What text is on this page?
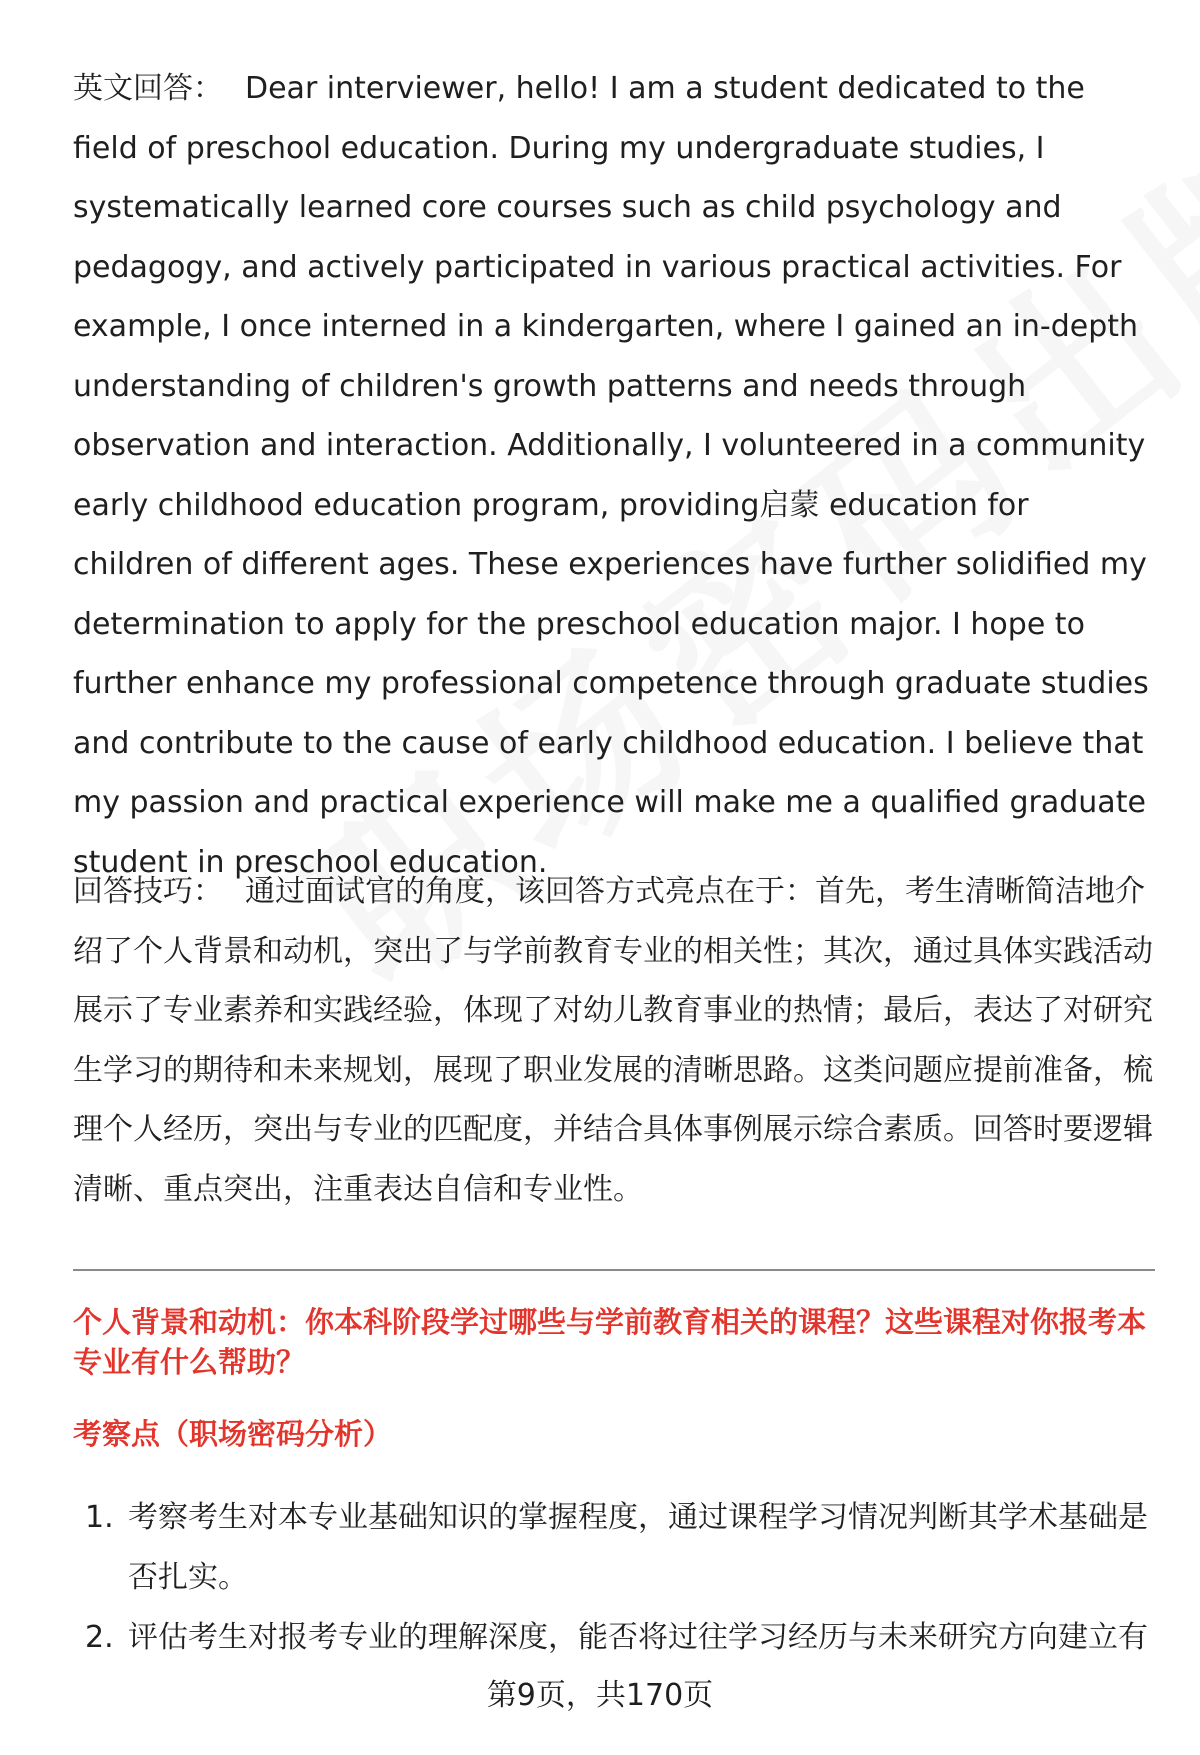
英文回答： Dear interviewer, hello! I am a student dedicated to the field of preschool education. During my undergraduate studies, I systematically learned core courses such as child psychology and pedagogy, and actively participated in various practical activities. For example, I once interned in a kindergarten, where I gained an in-depth understanding of children's growth patterns and needs through observation and interaction. Additionally, I volunteered in a community early childhood education program, providing启蒙 education for children of different ages. These experiences have further solidified my determination to apply for the preschool education major. I hope to further enhance my professional competence through graduate studies and contribute to the cause of early childhood education. I believe that my passion and practical experience will make me a qualified graduate student in preschool education.
回答技巧： 通过面试官的角度，该回答方式亮点在于：首先，考生清晰简洁地介绍了个人背景和动机，突出了与学前教育专业的相关性；其次，通过具体实践活动展示了专业素养和实践经验，体现了对幼儿教育事业的热情；最后，表达了对研究生学习的期待和未来规划，展现了职业发展的清晰思路。这类问题应提前准备，梳理个人经历，突出与专业的匹配度，并结合具体事例展示综合素质。回答时要逻辑清晰、重点突出，注重表达自信和专业性。
个人背景和动机：你本科阶段学过哪些与学前教育相关的课程？这些课程对你报考本专业有什么帮助？
考察点（职场密码分析）
1. 考察考生对本专业基础知识的掌握程度，通过课程学习情况判断其学术基础是否扎实。
2. 评估考生对报考专业的理解深度，能否将过往学习经历与未来研究方向建立有
第9页，共170页
